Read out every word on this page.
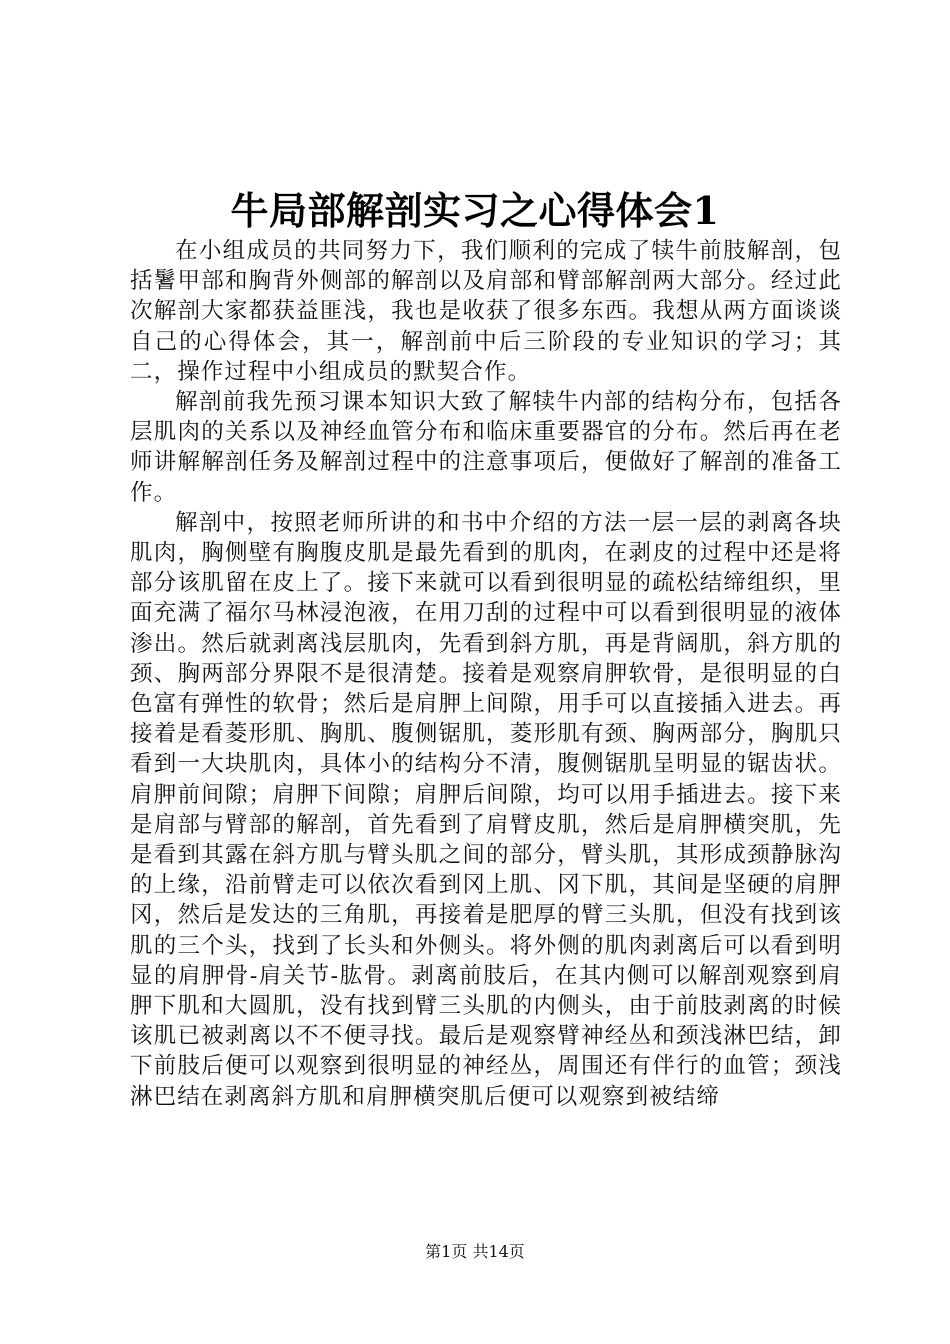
牛局部解剖实习之心得体会1

在小组成员的共同努力下，我们顺利的完成了犊牛前肢解剖，包括鬐甲部和胸背外侧部的解剖以及肩部和臂部解剖两大部分。经过此次解剖大家都获益匪浅，我也是收获了很多东西。我想从两方面谈谈自己的心得体会，其一，解剖前中后三阶段的专业知识的学习；其二，操作过程中小组成员的默契合作。

解剖前我先预习课本知识大致了解犊牛内部的结构分布，包括各层肌肉的关系以及神经血管分布和临床重要器官的分布。然后再在老师讲解解剖任务及解剖过程中的注意事项后，便做好了解剖的准备工作。

解剖中，按照老师所讲的和书中介绍的方法一层一层的剥离各块肌肉，胸侧壁有胸腹皮肌是最先看到的肌肉，在剥皮的过程中还是将部分该肌留在皮上了。接下来就可以看到很明显的疏松结缔组织，里面充满了福尔马林浸泡液，在用刀刮的过程中可以看到很明显的液体渗出。然后就剥离浅层肌肉，先看到斜方肌，再是背阔肌，斜方肌的颈、胸两部分界限不是很清楚。接着是观察肩胛软骨，是很明显的白色富有弹性的软骨；然后是肩胛上间隙，用手可以直接插入进去。再接着是看菱形肌、胸肌、腹侧锯肌，菱形肌有颈、胸两部分，胸肌只看到一大块肌肉，具体小的结构分不清，腹侧锯肌呈明显的锯齿状。肩胛前间隙；肩胛下间隙；肩胛后间隙，均可以用手插进去。接下来是肩部与臂部的解剖，首先看到了肩臂皮肌，然后是肩胛横突肌，先是看到其露在斜方肌与臂头肌之间的部分，臂头肌，其形成颈静脉沟的上缘，沿前臂走可以依次看到冈上肌、冈下肌，其间是坚硬的肩胛冈，然后是发达的三角肌，再接着是肥厚的臂三头肌，但没有找到该肌的三个头，找到了长头和外侧头。将外侧的肌肉剥离后可以看到明显的肩胛骨-肩关节-肱骨。剥离前肢后，在其内侧可以解剖观察到肩胛下肌和大圆肌，没有找到臂三头肌的内侧头，由于前肢剥离的时候该肌已被剥离以不不便寻找。最后是观察臂神经丛和颈浅淋巴结，卸下前肢后便可以观察到很明显的神经丛，周围还有伴行的血管；颈浅淋巴结在剥离斜方肌和肩胛横突肌后便可以观察到被结缔

第1页 共14页
